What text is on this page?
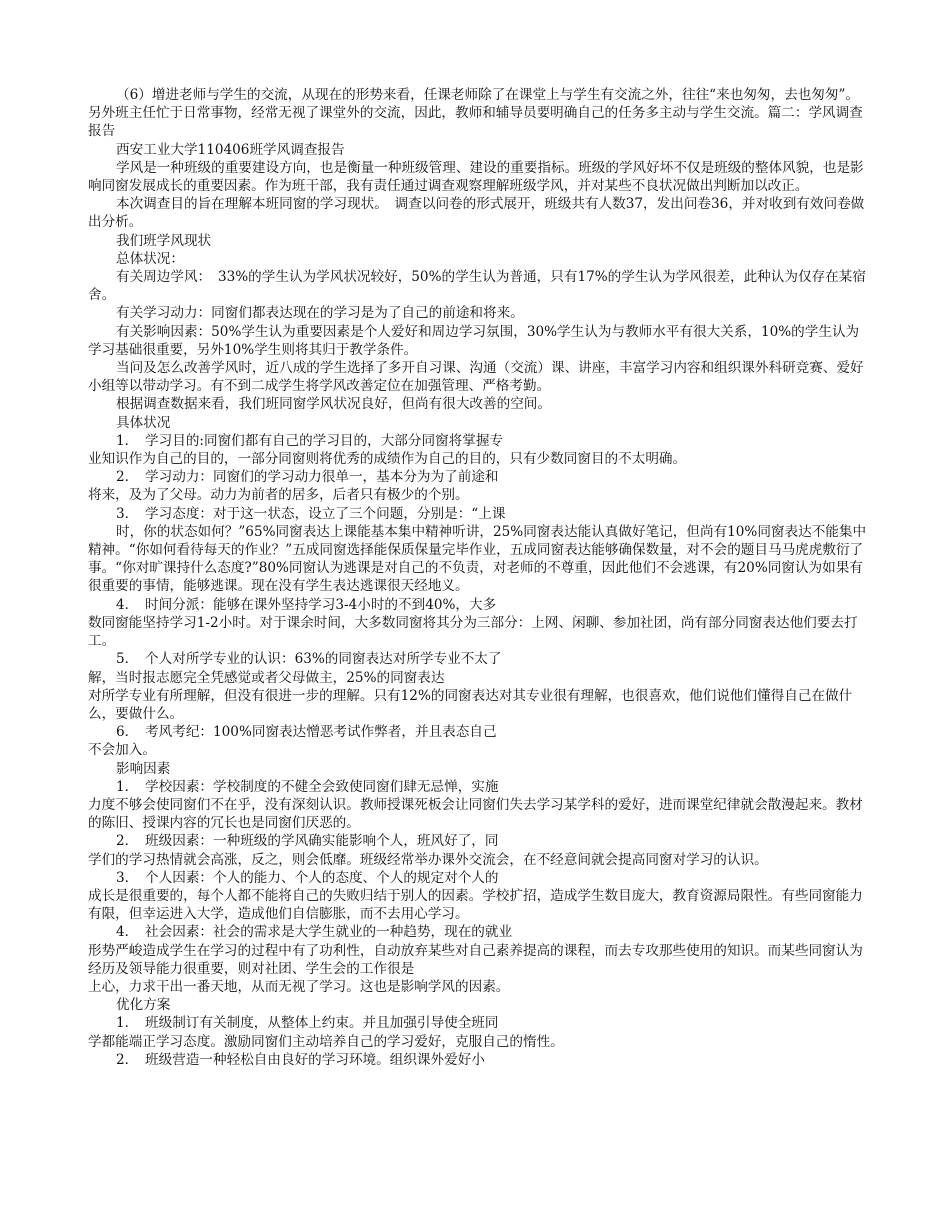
（6）增进老师与学生的交流，从现在的形势来看，任课老师除了在课堂上与学生有交流之外，往往“来也匆匆，去也匆匆”。另外班主任忙于日常事物，经常无视了课堂外的交流，因此，教师和辅导员要明确自己的任务多主动与学生交流。篇二：学风调查报告

西安工业大学110406班学风调查报告

学风是一种班级的重要建设方向，也是衡量一种班级管理、建设的重要指标。班级的学风好坏不仅是班级的整体风貌，也是影响同窗发展成长的重要因素。作为班干部，我有责任通过调查观察理解班级学风，并对某些不良状况做出判断加以改正。

本次调查目的旨在理解本班同窗的学习现状。　调查以问卷的形式展开，班级共有人数37，发出问卷36，并对收到有效问卷做出分析。

我们班学风现状

总体状况：

有关周边学风：　33%的学生认为学风状况较好，50%的学生认为普通，只有17%的学生认为学风很差，此种认为仅存在某宿舍。

有关学习动力：同窗们都表达现在的学习是为了自己的前途和将来。

有关影响因素：50%学生认为重要因素是个人爱好和周边学习氛围，30%学生认为与教师水平有很大关系，10%的学生认为学习基础很重要，另外10%学生则将其归于教学条件。

当问及怎么改善学风时，近八成的学生选择了多开自习课、沟通（交流）课、讲座，丰富学习内容和组织课外科研竞赛、爱好小组等以带动学习。有不到二成学生将学风改善定位在加强管理、严格考勤。

根据调查数据来看，我们班同窗学风状况良好，但尚有很大改善的空间。

具体状况

1．　学习目的:同窗们都有自己的学习目的，大部分同窗将掌握专

业知识作为自己的目的，一部分同窗则将优秀的成绩作为自己的目的，只有少数同窗目的不太明确。

2．　学习动力：同窗们的学习动力很单一，基本分为为了前途和

将来，及为了父母。动力为前者的居多，后者只有极少的个别。

3．　学习态度：对于这一状态，设立了三个问题，分别是：“上课

时，你的状态如何？”65%同窗表达上课能基本集中精神听讲，25%同窗表达能认真做好笔记，但尚有10%同窗表达不能集中精神。“你如何看待每天的作业？”五成同窗选择能保质保量完毕作业，五成同窗表达能够确保数量，对不会的题目马马虎虎敷衍了事。“你对旷课持什么态度?”80%同窗认为逃课是对自己的不负责，对老师的不尊重，因此他们不会逃课，有20%同窗认为如果有很重要的事情，能够逃课。现在没有学生表达逃课很天经地义。

4．　时间分派：能够在课外坚持学习3-4小时的不到40%，大多

数同窗能坚持学习1-2小时。对于课余时间，大多数同窗将其分为三部分：上网、闲聊、参加社团，尚有部分同窗表达他们要去打工。

5．　个人对所学专业的认识：63%的同窗表达对所学专业不太了

解，当时报志愿完全凭感觉或者父母做主，25%的同窗表达

对所学专业有所理解，但没有很进一步的理解。只有12%的同窗表达对其专业很有理解，也很喜欢，他们说他们懂得自己在做什么，要做什么。

6．　考风考纪：100%同窗表达憎恶考试作弊者，并且表态自己

不会加入。

影响因素

1．　学校因素：学校制度的不健全会致使同窗们肆无忌惮，实施

力度不够会使同窗们不在乎，没有深刻认识。教师授课死板会让同窗们失去学习某学科的爱好，进而课堂纪律就会散漫起来。教材的陈旧、授课内容的冗长也是同窗们厌恶的。

2．　班级因素：一种班级的学风确实能影响个人，班风好了，同

学们的学习热情就会高涨，反之，则会低靡。班级经常举办课外交流会，在不经意间就会提高同窗对学习的认识。

3．　个人因素：个人的能力、个人的态度、个人的规定对个人的

成长是很重要的，每个人都不能将自己的失败归结于别人的因素。学校扩招，造成学生数目庞大，教育资源局限性。有些同窗能力有限，但幸运进入大学，造成他们自信膨胀，而不去用心学习。

4．　社会因素：社会的需求是大学生就业的一种趋势，现在的就业

形势严峻造成学生在学习的过程中有了功利性，自动放弃某些对自己素养提高的课程，而去专攻那些使用的知识。而某些同窗认为经历及领导能力很重要，则对社团、学生会的工作很是

上心，力求干出一番天地，从而无视了学习。这也是影响学风的因素。

优化方案

1．　班级制订有关制度，从整体上约束。并且加强引导使全班同

学都能端正学习态度。激励同窗们主动培养自己的学习爱好，克服自己的惰性。

2．　班级营造一种轻松自由良好的学习环境。组织课外爱好小
